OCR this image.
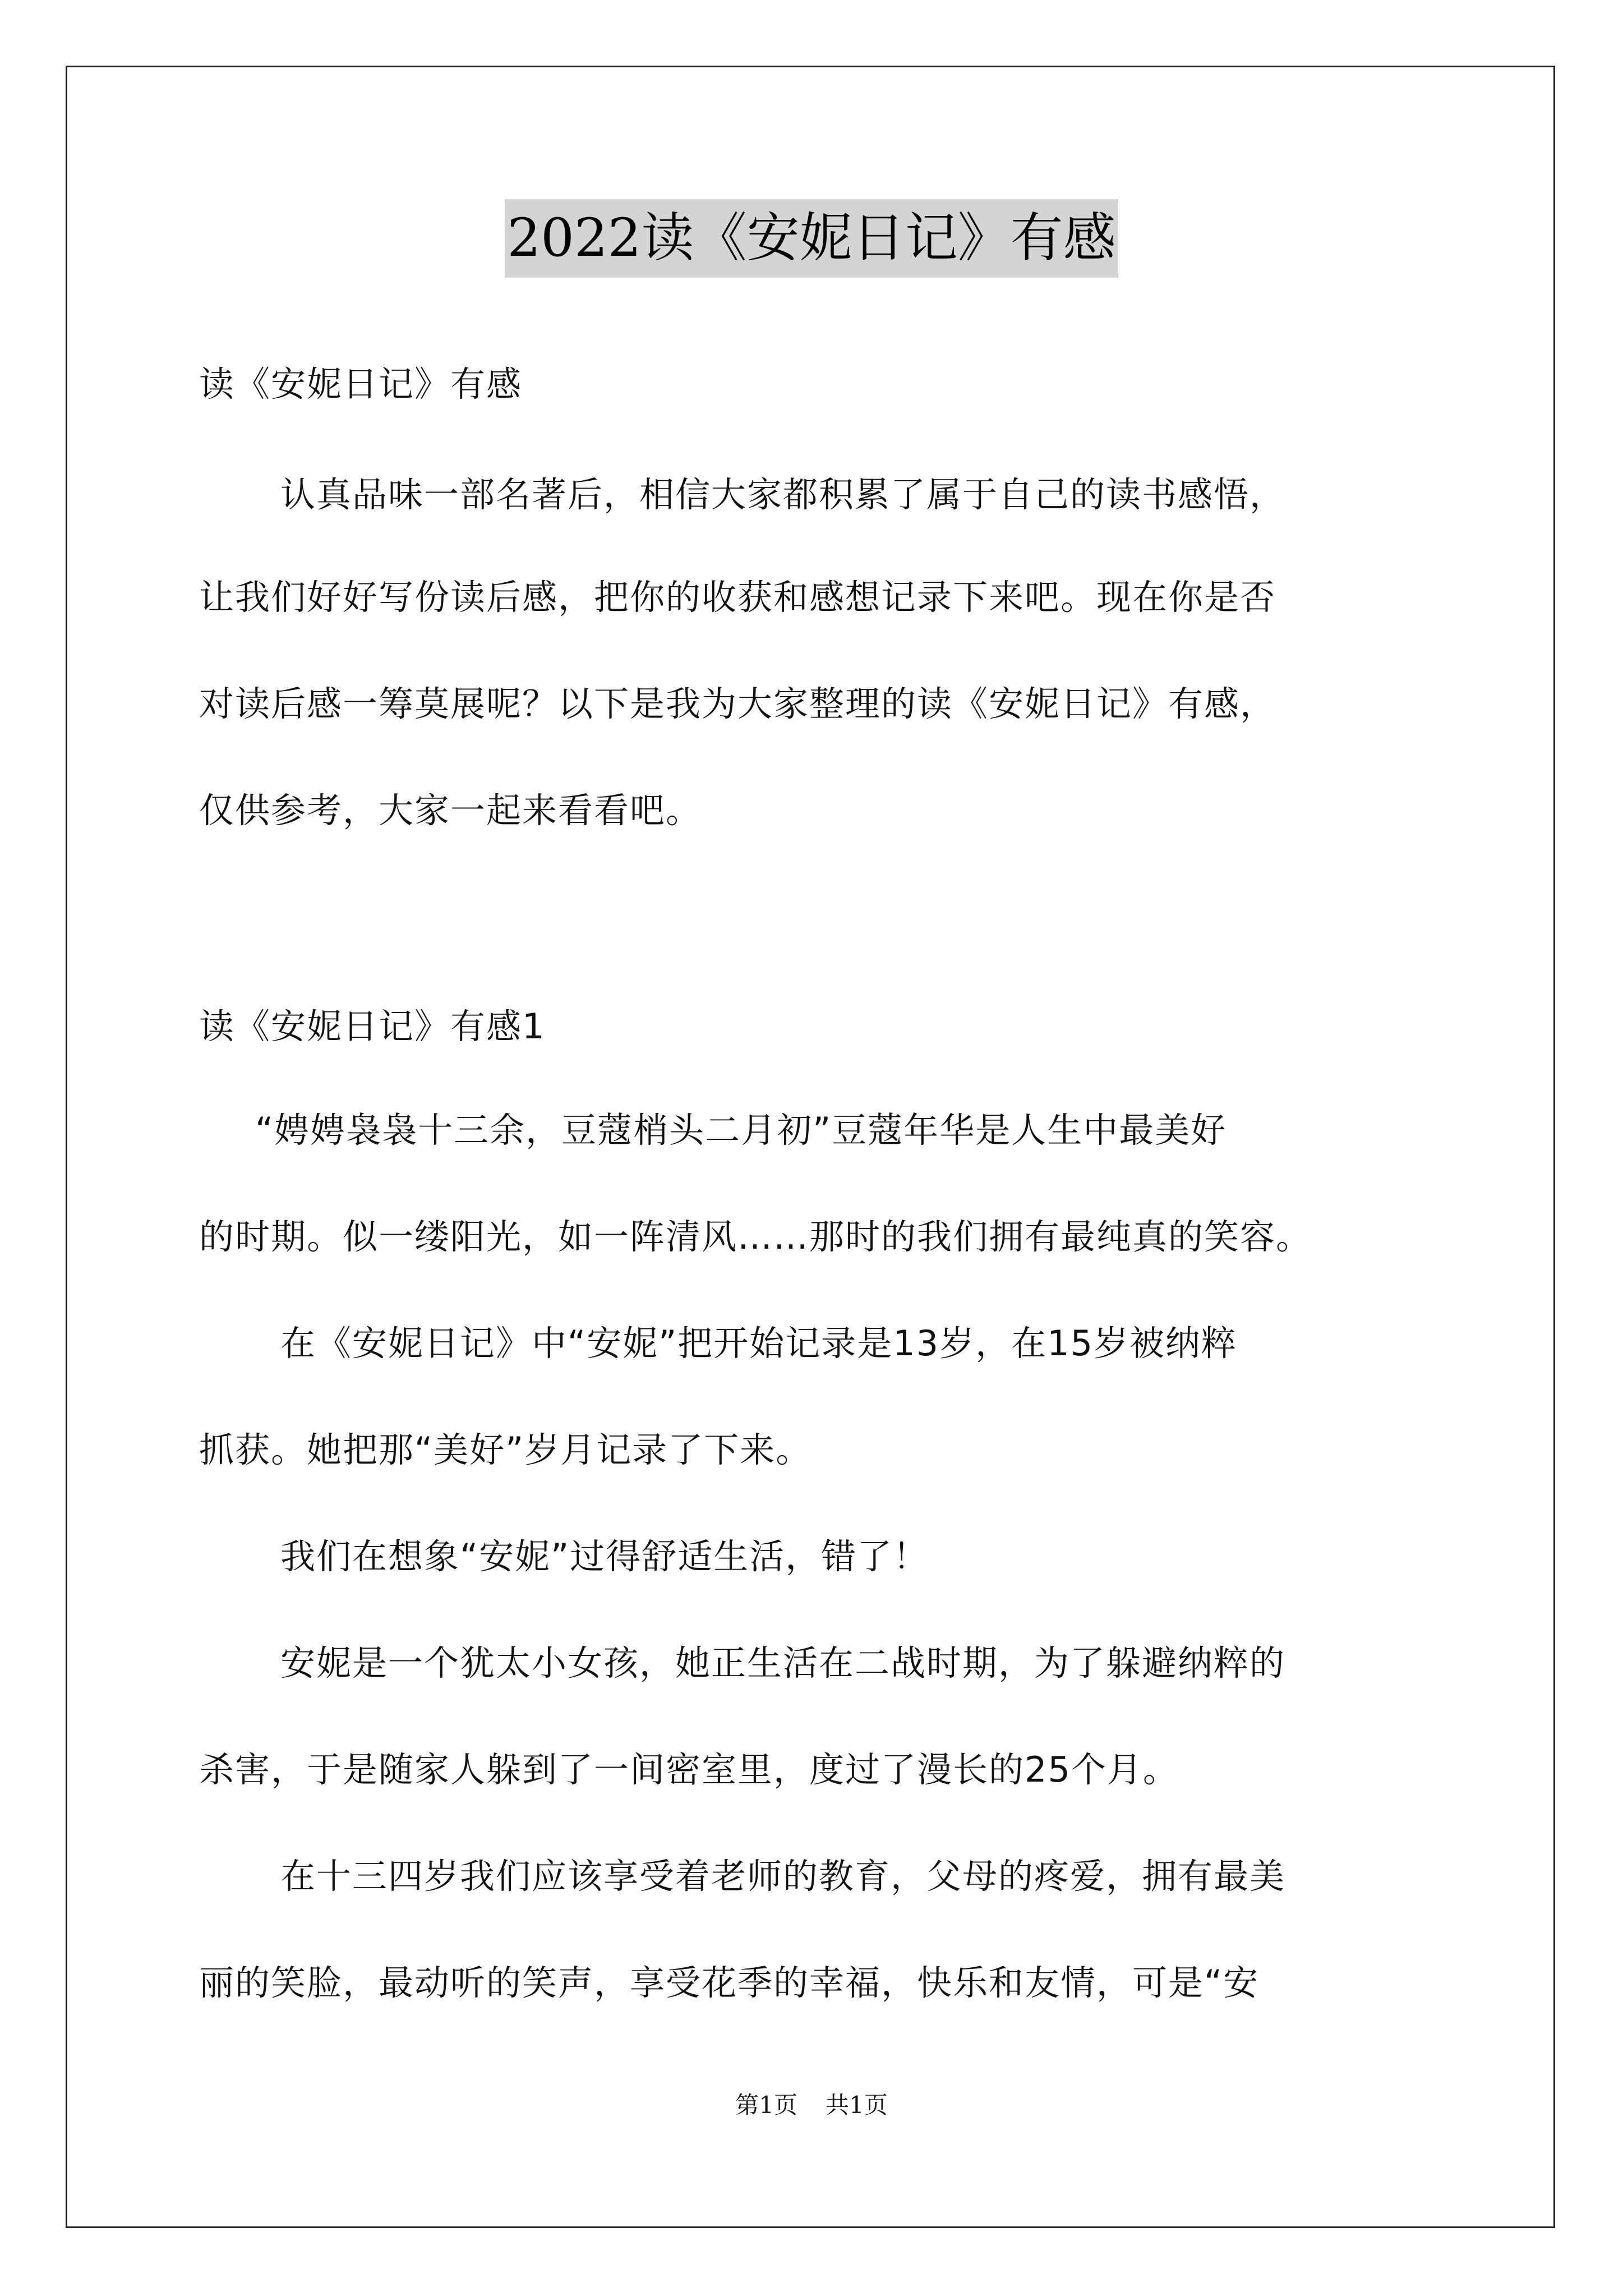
2022读《安妮日记》有感
读《安妮日记》有感
认真品味一部名著后，相信大家都积累了属于自己的读书感悟，
让我们好好写份读后感，把你的收获和感想记录下来吧。现在你是否
对读后感一筹莫展呢？以下是我为大家整理的读《安妮日记》有感，
仅供参考，大家一起来看看吧。
读《安妮日记》有感1
“娉娉袅袅十三余，豆蔻梢头二月初”豆蔻年华是人生中最美好
的时期。似一缕阳光，如一阵清风……那时的我们拥有最纯真的笑容。
在《安妮日记》中“安妮”把开始记录是13岁，在15岁被纳粹
抓获。她把那“美好”岁月记录了下来。
我们在想象“安妮”过得舒适生活，错了！
安妮是一个犹太小女孩，她正生活在二战时期，为了躲避纳粹的
杀害，于是随家人躲到了一间密室里，度过了漫长的25个月。
在十三四岁我们应该享受着老师的教育，父母的疼爱，拥有最美
丽的笑脸，最动听的笑声，享受花季的幸福，快乐和友情，可是“安
第1页 共1页
